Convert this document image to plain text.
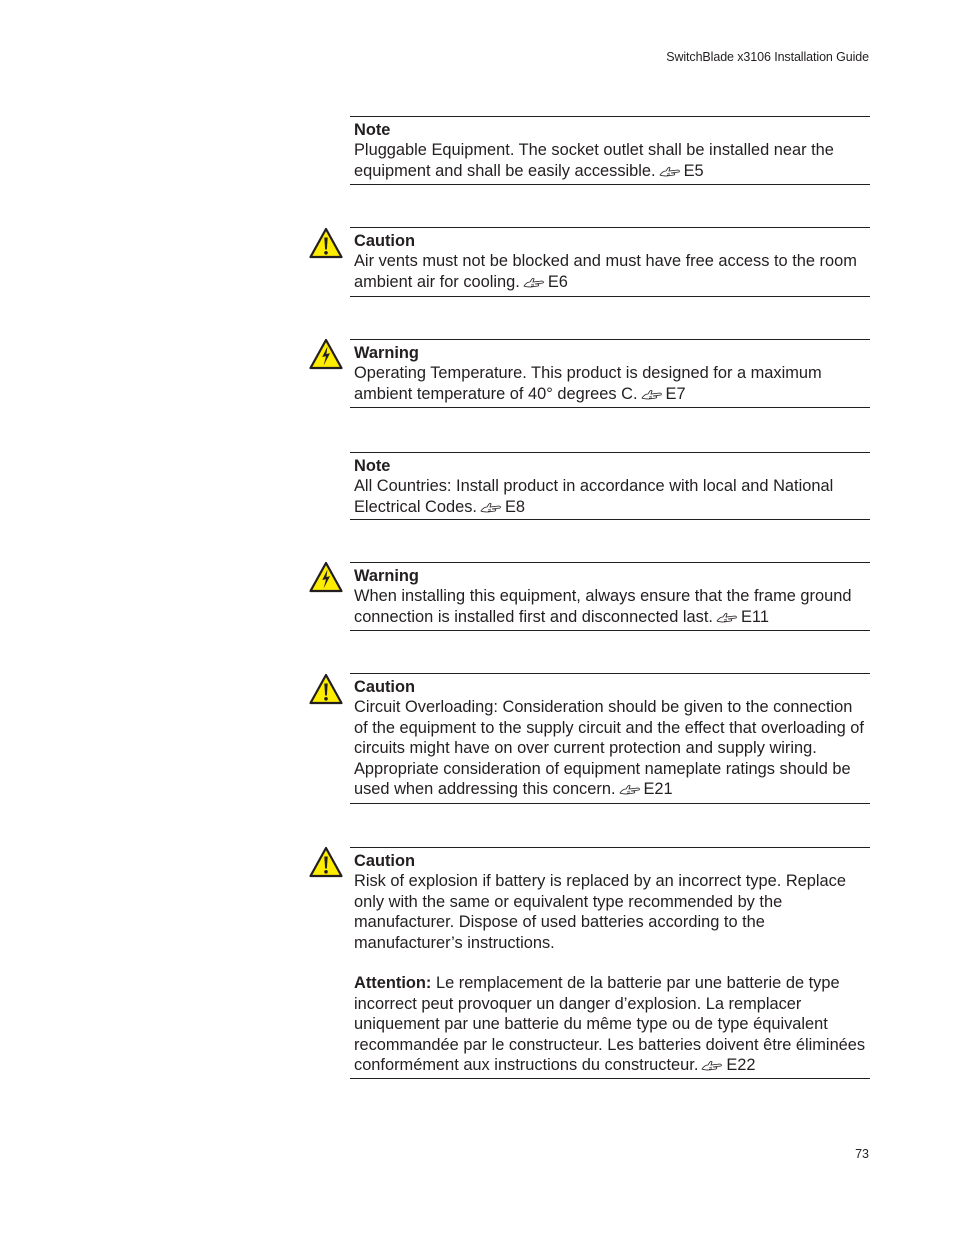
SwitchBlade x3106 Installation Guide
73
Note
Pluggable Equipment. The socket outlet shall be installed near the equipment and shall be easily accessible. E5
Caution
Air vents must not be blocked and must have free access to the room ambient air for cooling. E6
Warning
Operating Temperature. This product is designed for a maximum ambient temperature of 40° degrees C. E7
Note
All Countries: Install product in accordance with local and National Electrical Codes. E8
Warning
When installing this equipment, always ensure that the frame ground connection is installed first and disconnected last. E11
Caution
Circuit Overloading: Consideration should be given to the connection of the equipment to the supply circuit and the effect that overloading of circuits might have on over current protection and supply wiring. Appropriate consideration of equipment nameplate ratings should be used when addressing this concern. E21
Caution
Risk of explosion if battery is replaced by an incorrect type. Replace only with the same or equivalent type recommended by the manufacturer. Dispose of used batteries according to the manufacturer’s instructions.
Attention: Le remplacement de la batterie par une batterie de type incorrect peut provoquer un danger d’explosion. La remplacer uniquement par une batterie du même type ou de type équivalent recommandée par le constructeur. Les batteries doivent être éliminées conformément aux instructions du constructeur. E22
